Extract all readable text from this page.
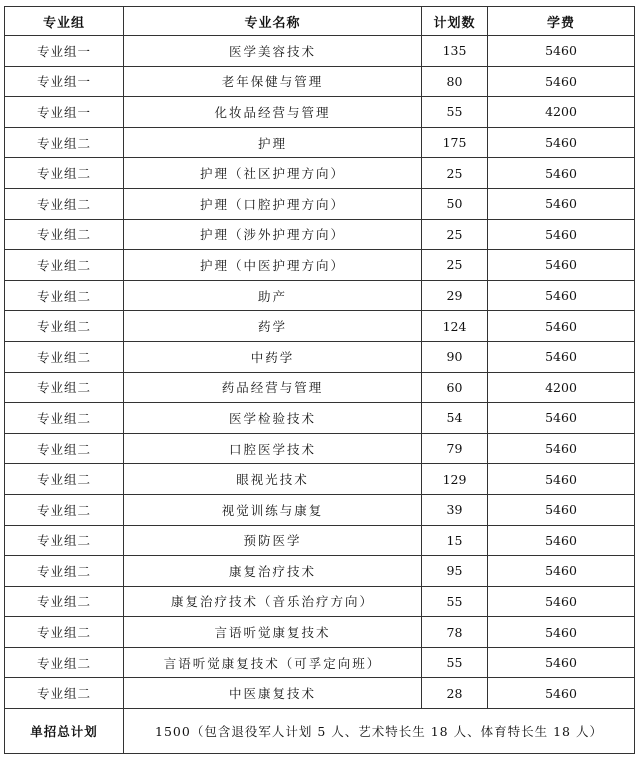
专业组	专业名称	计划数	学费
专业组一	医学美容技术	135	5460
专业组一	老年保健与管理	80	5460
专业组一	化妆品经营与管理	55	4200
专业组二	护理	175	5460
专业组二	护理（社区护理方向）	25	5460
专业组二	护理（口腔护理方向）	50	5460
专业组二	护理（涉外护理方向）	25	5460
专业组二	护理（中医护理方向）	25	5460
专业组二	助产	29	5460
专业组二	药学	124	5460
专业组二	中药学	90	5460
专业组二	药品经营与管理	60	4200
专业组二	医学检验技术	54	5460
专业组二	口腔医学技术	79	5460
专业组二	眼视光技术	129	5460
专业组二	视觉训练与康复	39	5460
专业组二	预防医学	15	5460
专业组二	康复治疗技术	95	5460
专业组二	康复治疗技术（音乐治疗方向）	55	5460
专业组二	言语听觉康复技术	78	5460
专业组二	言语听觉康复技术（可孚定向班）	55	5460
专业组二	中医康复技术	28	5460
单招总计划	1500（包含退役军人计划 5 人、艺术特长生 18 人、体育特长生 18 人）		
